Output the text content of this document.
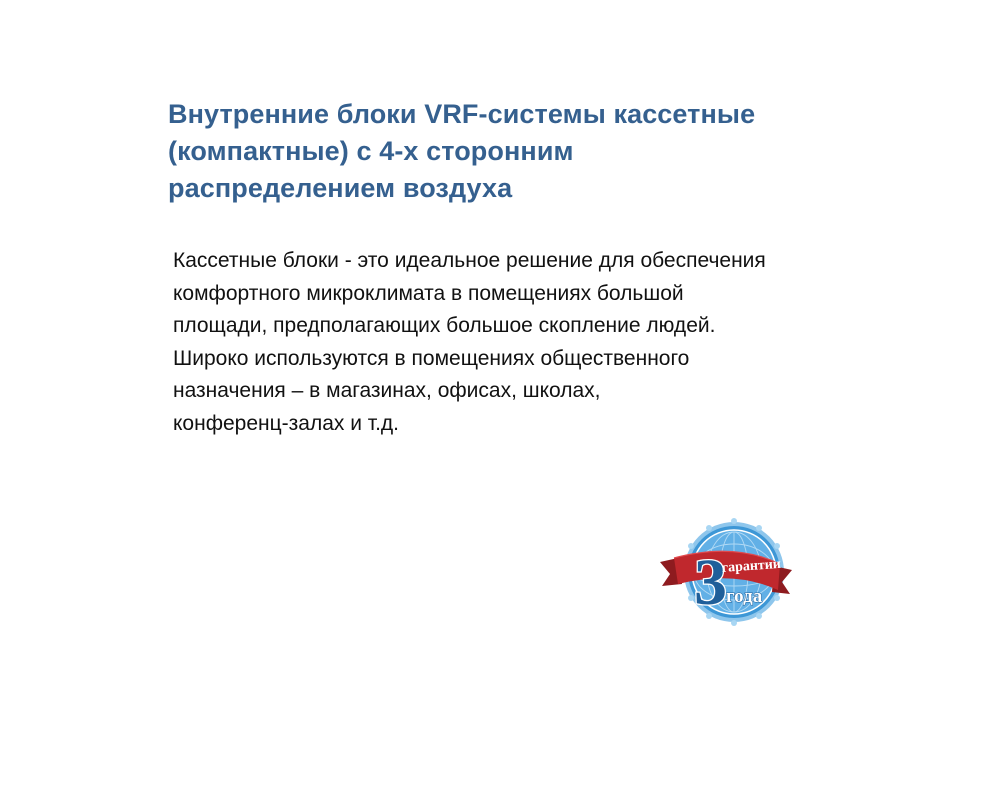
Внутренние блоки VRF-системы кассетные
(компактные) с 4-х сторонним
распределением воздуха
Кассетные блоки - это идеальное решение для обеспечения
комфортного микроклимата в помещениях большой
площади, предполагающих большое скопление людей.
Широко используются в помещениях общественного
назначения – в магазинах, офисах, школах,
конференц-залах и т.д.
3
гарантии
года
